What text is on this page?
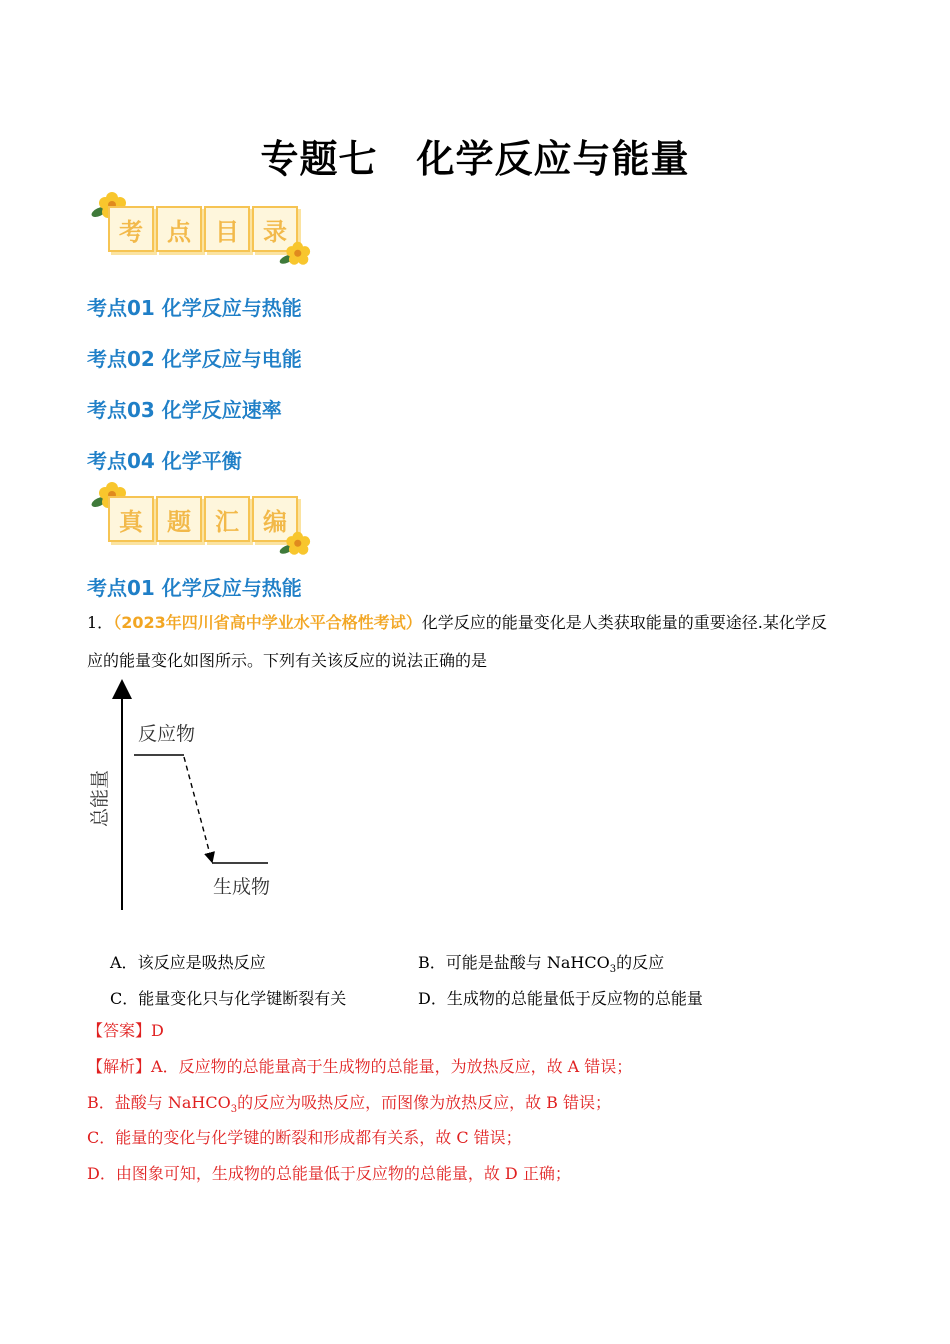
专题七　化学反应与能量
考	点	目	录
考点01 化学反应与热能
考点02 化学反应与电能
考点03 化学反应速率
考点04 化学平衡
真	题	汇	编
考点01 化学反应与热能
1．（2023年四川省高中学业水平合格性考试）化学反应的能量变化是人类获取能量的重要途径.某化学反
应的能量变化如图所示。下列有关该反应的说法正确的是
总能量
反应物
生成物
A．该反应是吸热反应	B．可能是盐酸与 NaHCO$_3$的反应
C．能量变化只与化学键断裂有关	D．生成物的总能量低于反应物的总能量
【答案】D
【解析】A．反应物的总能量高于生成物的总能量，为放热反应，故 A 错误；
B．盐酸与 NaHCO$_3$的反应为吸热反应，而图像为放热反应，故 B 错误；
C．能量的变化与化学键的断裂和形成都有关系，故 C 错误；
D．由图象可知，生成物的总能量低于反应物的总能量，故 D 正确；
